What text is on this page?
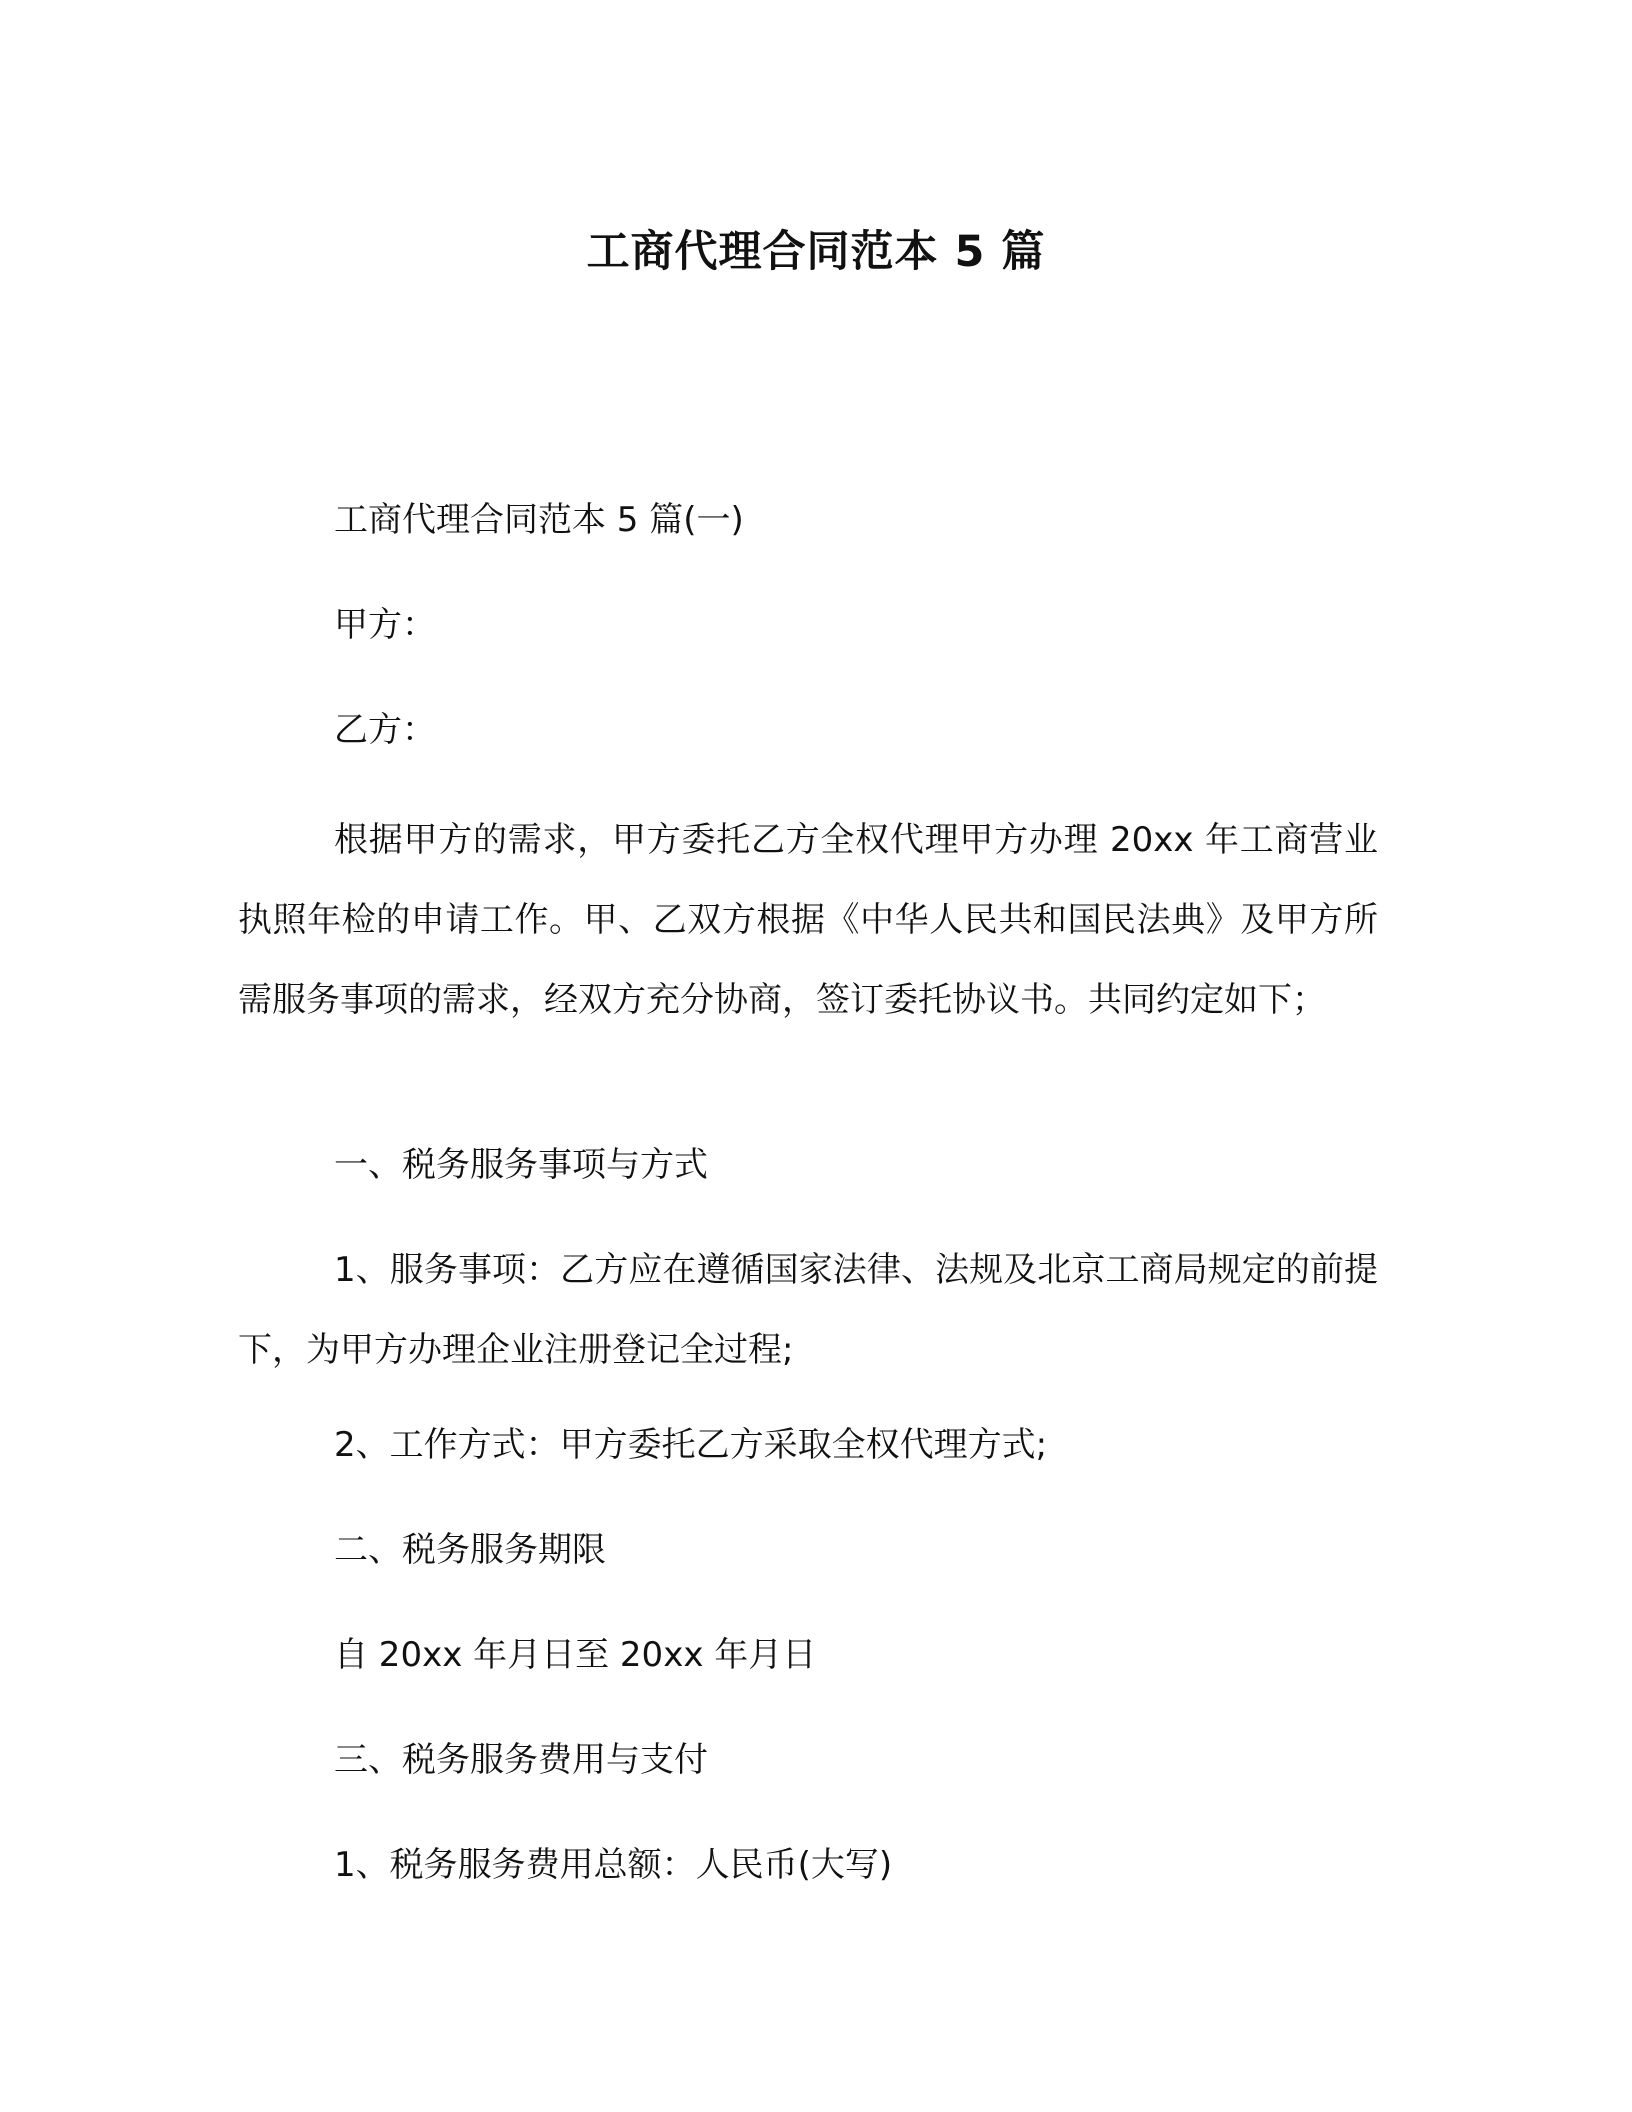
工商代理合同范本 5 篇
工商代理合同范本 5 篇(一)
甲方：
乙方：
根据甲方的需求，甲方委托乙方全权代理甲方办理 20xx 年工商营业执照年检的申请工作。甲、乙双方根据《中华人民共和国民法典》及甲方所需服务事项的需求，经双方充分协商，签订委托协议书。共同约定如下；
一、税务服务事项与方式
1、服务事项：乙方应在遵循国家法律、法规及北京工商局规定的前提下，为甲方办理企业注册登记全过程;
2、工作方式：甲方委托乙方采取全权代理方式;
二、税务服务期限
自 20xx 年月日至 20xx 年月日
三、税务服务费用与支付
1、税务服务费用总额：人民币(大写)
